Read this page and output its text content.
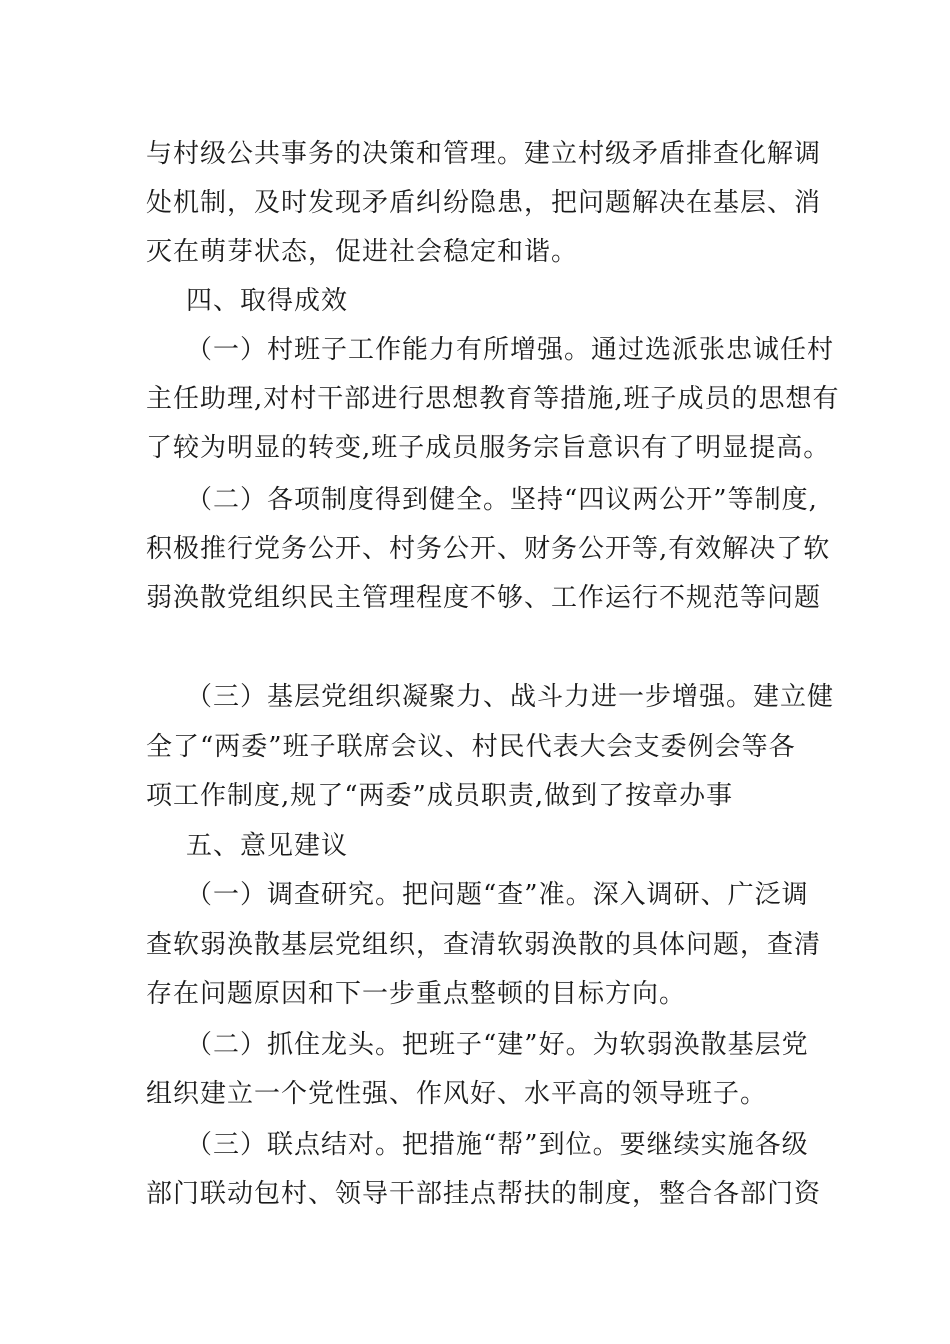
与村级公共事务的决策和管理。建立村级矛盾排查化解调
处机制，及时发现矛盾纠纷隐患，把问题解决在基层、消
灭在萌芽状态，促进社会稳定和谐。
四、取得成效
（一）村班子工作能力有所增强。通过选派张忠诚任村
主任助理,对村干部进行思想教育等措施,班子成员的思想有
了较为明显的转变,班子成员服务宗旨意识有了明显提高。
（二）各项制度得到健全。坚持“四议两公开”等制度,
积极推行党务公开、村务公开、财务公开等,有效解决了软
弱涣散党组织民主管理程度不够、工作运行不规范等问题
（三）基层党组织凝聚力、战斗力进一步增强。建立健
全了“两委”班子联席会议、村民代表大会支委例会等各
项工作制度,规了“两委”成员职责,做到了按章办事
五、意见建议
（一）调查研究。把问题“查”准。深入调研、广泛调
查软弱涣散基层党组织，查清软弱涣散的具体问题，查清
存在问题原因和下一步重点整顿的目标方向。
（二）抓住龙头。把班子“建”好。为软弱涣散基层党
组织建立一个党性强、作风好、水平高的领导班子。
（三）联点结对。把措施“帮”到位。要继续实施各级
部门联动包村、领导干部挂点帮扶的制度，整合各部门资
